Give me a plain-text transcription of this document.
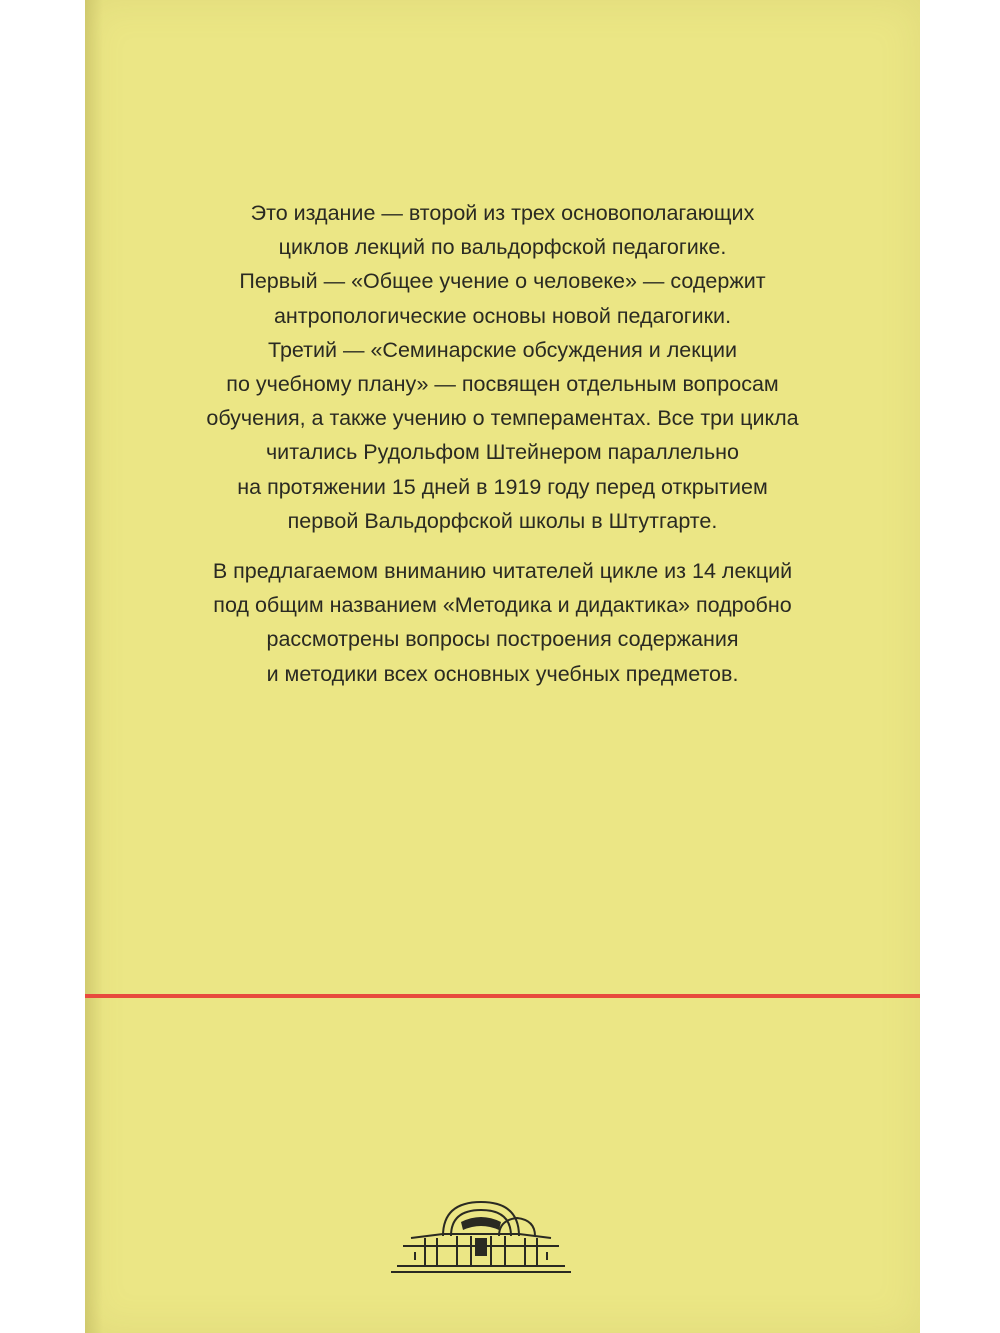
Это издание — второй из трех основополагающих
циклов лекций по вальдорфской педагогике.
Первый — «Общее учение о человеке» — содержит
антропологические основы новой педагогики.
Третий — «Семинарские обсуждения и лекции
по учебному плану» — посвящен отдельным вопросам
обучения, а также учению о темпераментах. Все три цикла
читались Рудольфом Штейнером параллельно
на протяжении 15 дней в 1919 году перед открытием
первой Вальдорфской школы в Штутгарте.

В предлагаемом вниманию читателей цикле из 14 лекций
под общим названием «Методика и дидактика» подробно
рассмотрены вопросы построения содержания
и методики всех основных учебных предметов.
